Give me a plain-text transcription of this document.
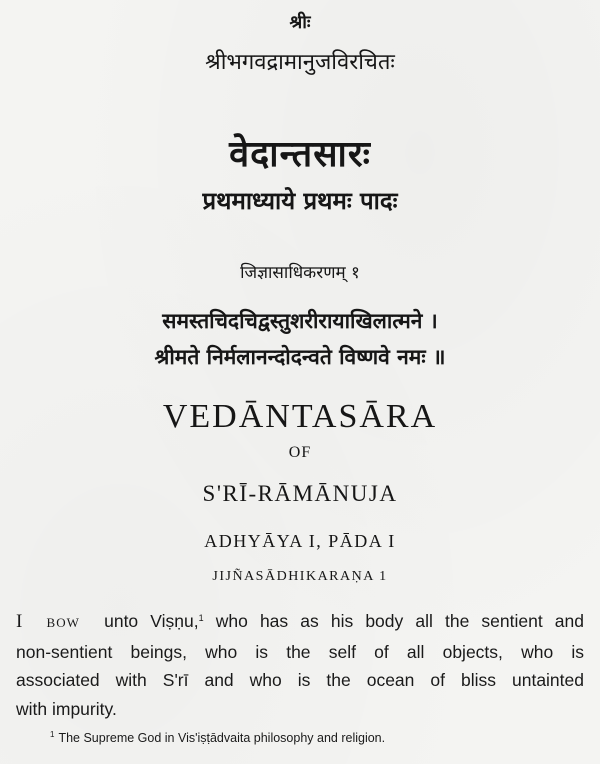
श्रीः
श्रीभगवद्रामानुजविरचितः
वेदान्तसारः
प्रथमाध्याये प्रथमः पादः
जिज्ञासाधिकरणम् १
समस्तचिदचिद्वस्तुशरीरायाखिलात्मने ।
श्रीमते निर्मलानन्दोदन्वते विष्णवे नमः ॥
VEDĀNTASĀRA
OF
S'RĪ-RĀMĀNUJA
ADHYĀYA I, PĀDA I
JIJÑASĀDHIKARAṆA 1
I BOW unto Viṣṇu,$^1$ who has as his body all the sentient and
non-sentient beings, who is the self of all objects, who is
associated with S'rī and who is the ocean of bliss untainted
with impurity.
$^1$ The Supreme God in Vis'iṣṭādvaita philosophy and religion.
